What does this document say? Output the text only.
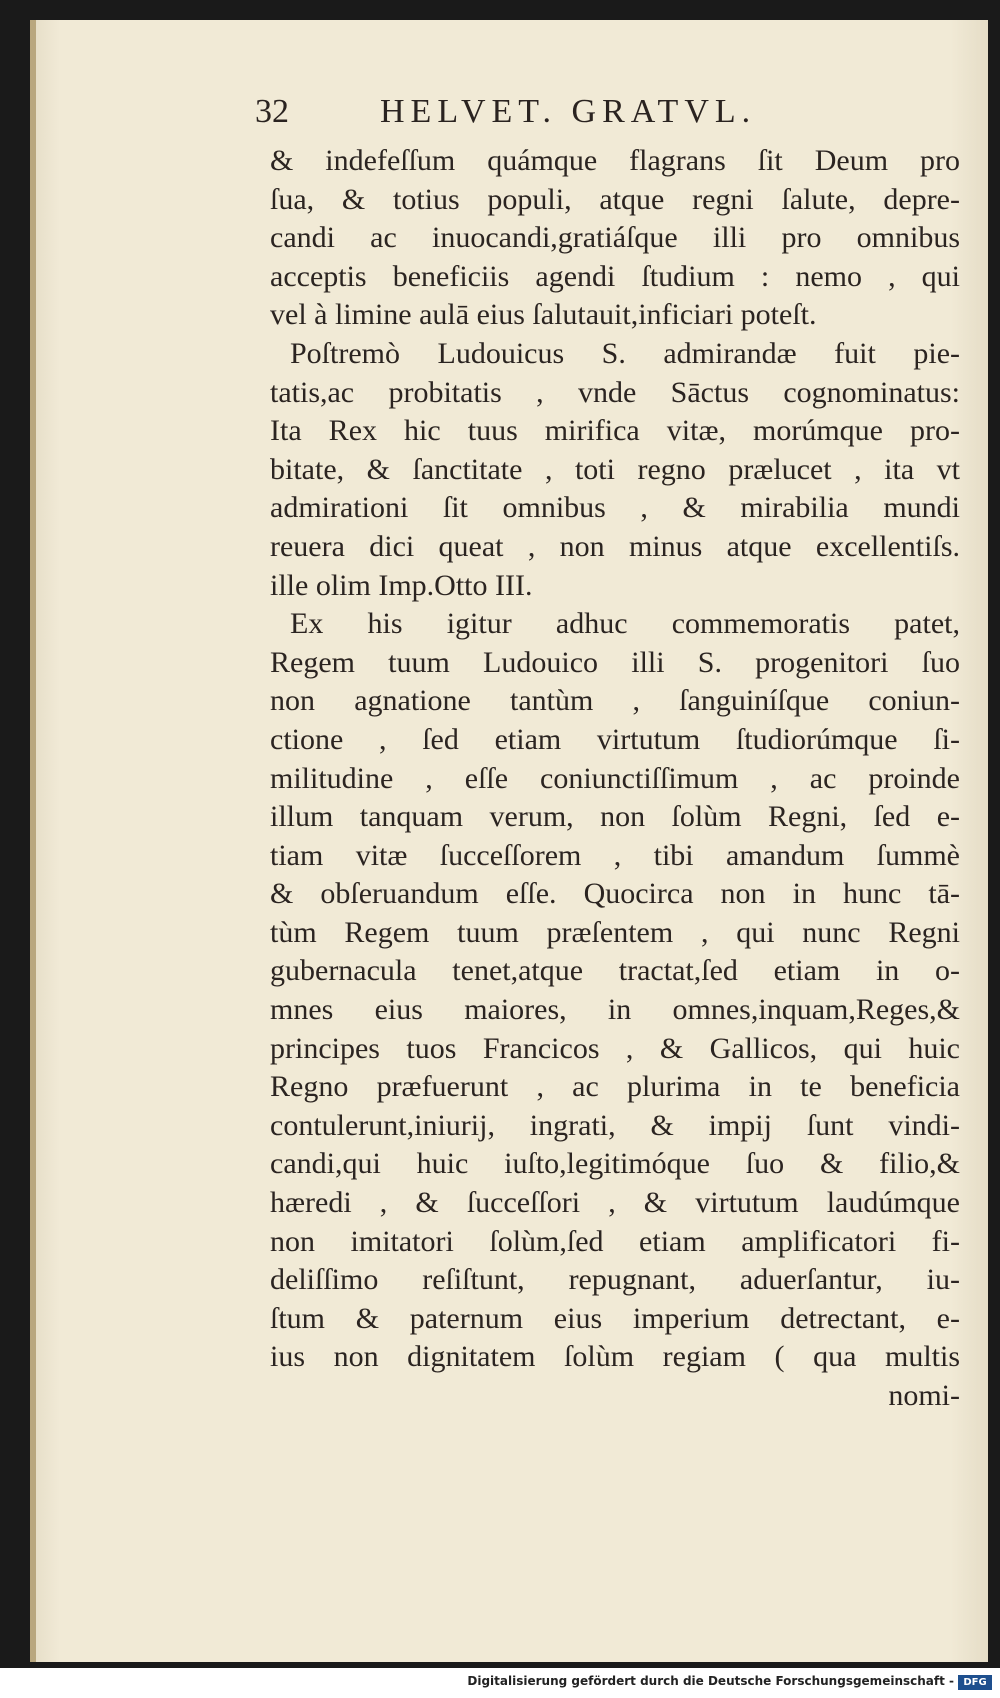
32	HELVET. GRATVL.
& indefeſſum quámque flagrans ſit Deum pro
ſua, & totius populi, atque regni ſalute, depre-
candi ac inuocandi,gratiáſque illi pro omnibus
acceptis beneficiis agendi ſtudium : nemo , qui
vel à limine aulā eius ſalutauit,inficiari poteſt.
Poſtremò Ludouicus S. admirandæ fuit pie-
tatis,ac probitatis , vnde Sāctus cognominatus:
Ita Rex hic tuus mirifica vitæ, morúmque pro-
bitate, & ſanctitate , toti regno prælucet , ita vt
admirationi ſit omnibus , & mirabilia mundi
reuera dici queat , non minus atque excellentiſs.
ille olim Imp.Otto III.
Ex his igitur adhuc commemoratis patet,
Regem tuum Ludouico illi S. progenitori ſuo
non agnatione tantùm , ſanguiníſque coniun-
ctione , ſed etiam virtutum ſtudiorúmque ſi-
militudine , eſſe coniunctiſſimum , ac proinde
illum tanquam verum, non ſolùm Regni, ſed e-
tiam vitæ ſucceſſorem , tibi amandum ſummè
& obſeruandum eſſe. Quocirca non in hunc tā-
tùm Regem tuum præſentem , qui nunc Regni
gubernacula tenet,atque tractat,ſed etiam in o-
mnes eius maiores, in omnes,inquam,Reges,&
principes tuos Francicos , & Gallicos, qui huic
Regno præfuerunt , ac plurima in te beneficia
contulerunt,iniurij, ingrati, & impij ſunt vindi-
candi,qui huic iuſto,legitimóque ſuo & filio,&
hæredi , & ſucceſſori , & virtutum laudúmque
non imitatori ſolùm,ſed etiam amplificatori fi-
deliſſimo reſiſtunt, repugnant, aduerſantur, iu-
ſtum & paternum eius imperium detrectant, e-
ius non dignitatem ſolùm regiam ( qua multis
nomi-
Digitalisierung gefördert durch die Deutsche Forschungsgemeinschaft - DFG
